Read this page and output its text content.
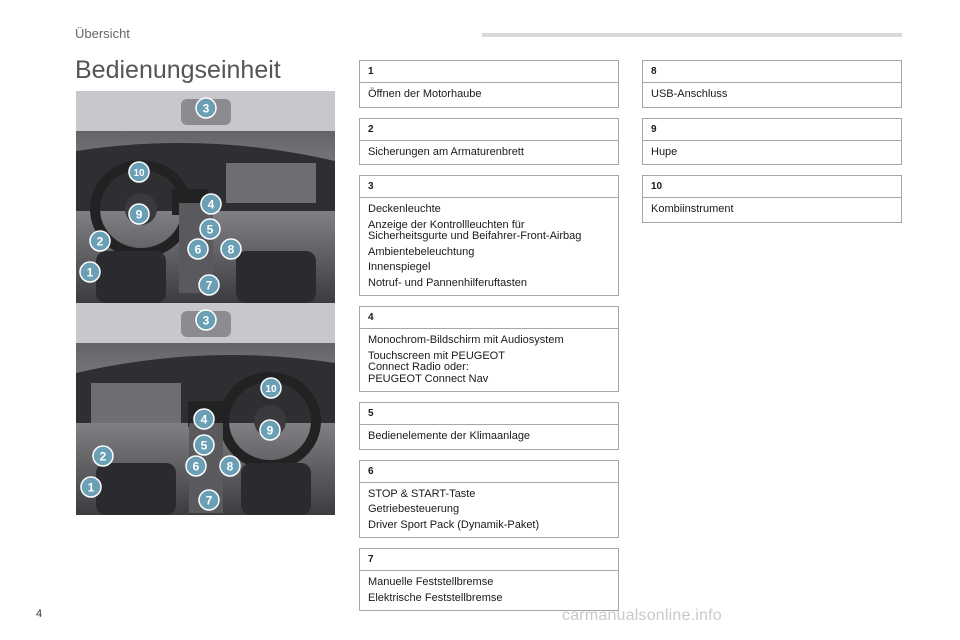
Übersicht
Bedienungseinheit
3
10
9
4
5
6 8
2
1
7
3
10
4
9
5
6 8
2
1
7
1
Öffnen der Motorhaube
2
Sicherungen am Armaturenbrett
3
Deckenleuchte
Anzeige der Kontrollleuchten für Sicherheitsgurte und Beifahrer-Front-Airbag
Ambientebeleuchtung
Innenspiegel
Notruf- und Pannenhilferuftasten
4
Monochrom-Bildschirm mit Audiosystem
Touchscreen mit PEUGEOT Connect Radio oder: PEUGEOT Connect Nav
5
Bedienelemente der Klimaanlage
6
STOP & START-Taste
Getriebesteuerung
Driver Sport Pack (Dynamik-Paket)
7
Manuelle Feststellbremse
Elektrische Feststellbremse
8
USB-Anschluss
9
Hupe
10
Kombiinstrument
4	carmanualsonline.info
